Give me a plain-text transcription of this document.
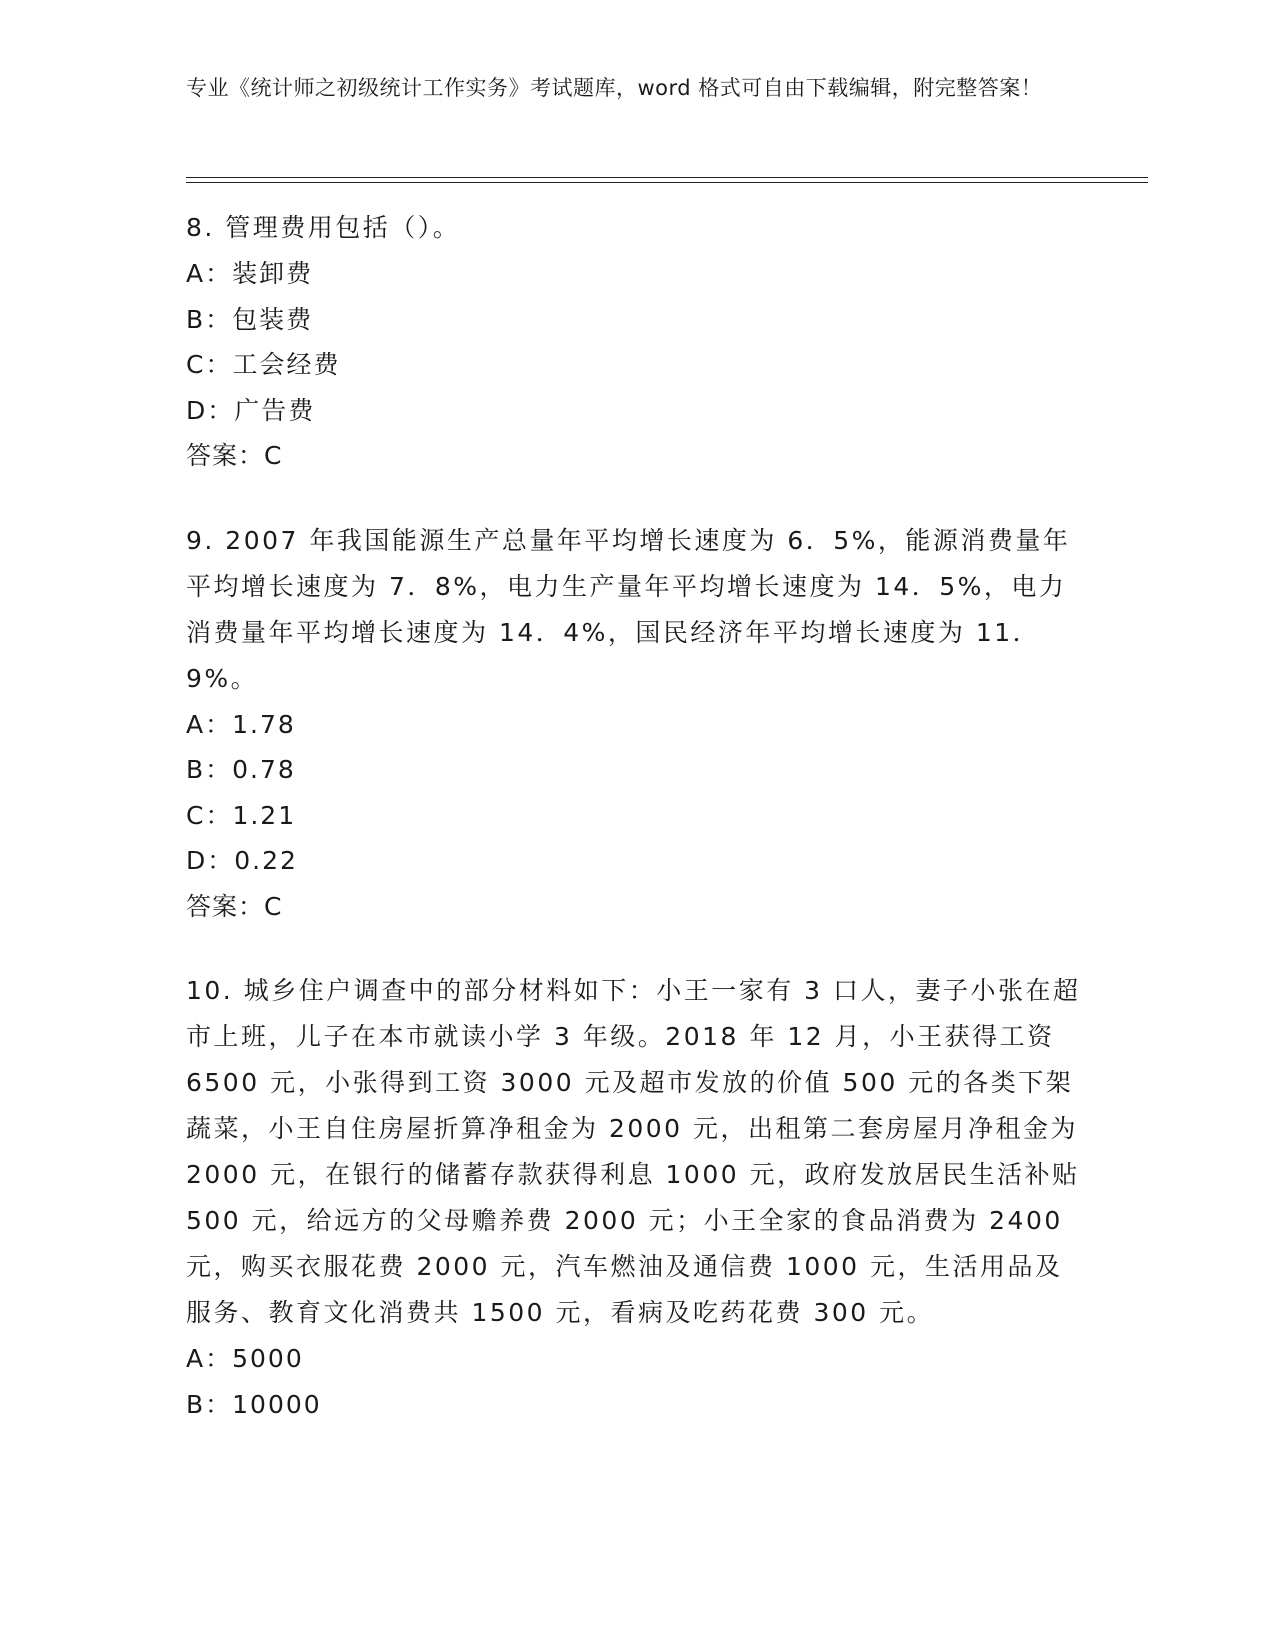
专业《统计师之初级统计工作实务》考试题库，word 格式可自由下载编辑，附完整答案！

8. 管理费用包括（）。

A：装卸费

B：包装费

C：工会经费

D：广告费

答案：C

9. 2007 年我国能源生产总量年平均增长速度为 6．5%，能源消费量年平均增长速度为 7．8%，电力生产量年平均增长速度为 14．5%，电力消费量年平均增长速度为 14．4%，国民经济年平均增长速度为 11．9%。

A：1.78

B：0.78

C：1.21

D：0.22

答案：C

10. 城乡住户调查中的部分材料如下：小王一家有 3 口人，妻子小张在超市上班，儿子在本市就读小学 3 年级。2018 年 12 月，小王获得工资 6500 元，小张得到工资 3000 元及超市发放的价值 500 元的各类下架蔬菜，小王自住房屋折算净租金为 2000 元，出租第二套房屋月净租金为 2000 元，在银行的储蓄存款获得利息 1000 元，政府发放居民生活补贴 500 元，给远方的父母赡养费 2000 元；小王全家的食品消费为 2400 元，购买衣服花费 2000 元，汽车燃油及通信费 1000 元，生活用品及服务、教育文化消费共 1500 元，看病及吃药花费 300 元。

A：5000

B：10000
